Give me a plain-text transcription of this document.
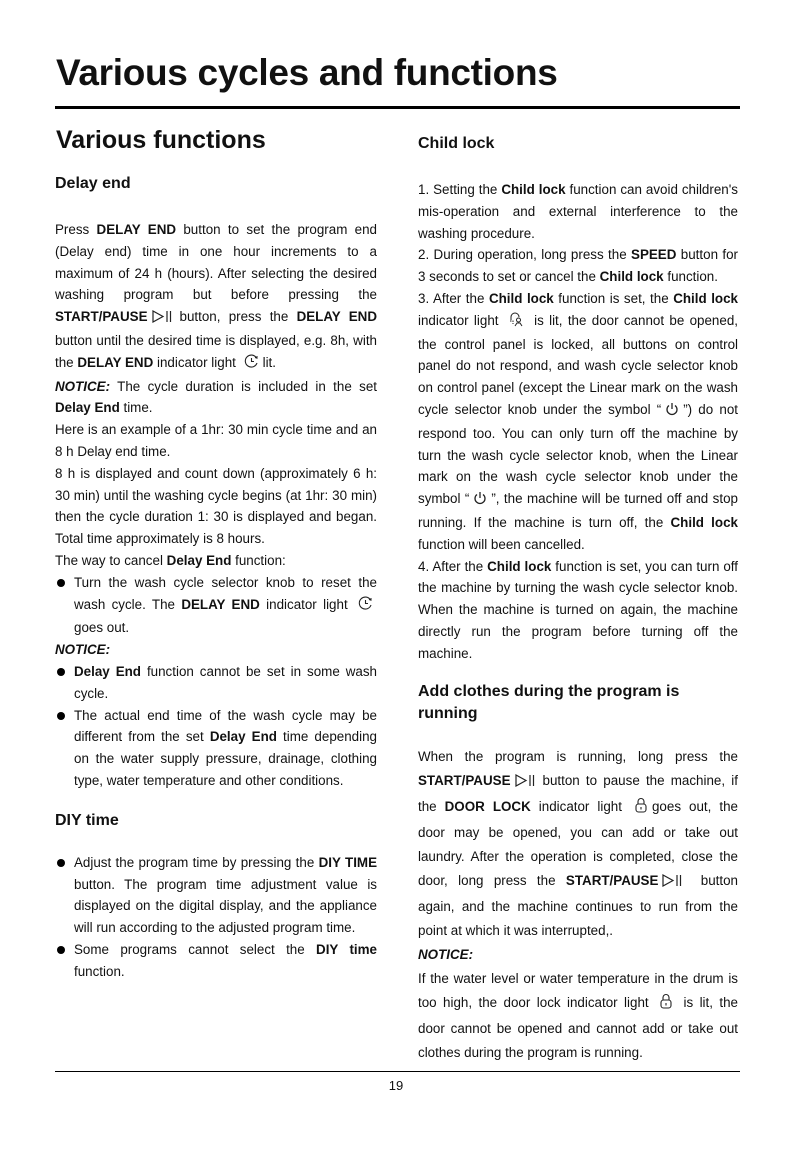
Various cycles and functions
Various functions
Delay end

Press DELAY END button to set the program end (Delay end) time in one hour increments to a maximum of 24 h (hours). After selecting the desired washing program but before pressing the START/PAUSE button, press the DELAY END button until the desired time is displayed, e.g. 8h, with the DELAY END indicator light lit.

NOTICE: The cycle duration is included in the set Delay End time.

Here is an example of a 1hr: 30 min cycle time and an 8 h Delay end time.

8 h is displayed and count down (approximately 6 h: 30 min) until the washing cycle begins (at 1hr: 30 min) then the cycle duration 1: 30 is displayed and began. Total time approximately is 8 hours.

The way to cancel Delay End function:

Turn the wash cycle selector knob to reset the wash cycle. The DELAY END indicator light  goes out.

NOTICE:

Delay End function cannot be set in some wash cycle.
The actual end time of the wash cycle may be different from the set Delay End time depending on the water supply pressure, drainage, clothing type, water temperature and other conditions.
DIY time
Adjust the program time by pressing the DIY TIME button. The program time adjustment value is displayed on the digital display, and the appliance will run according to the adjusted program time.
Some programs cannot select the DIY time function.
Child lock

1. Setting the Child lock function can avoid children's mis-operation and external interference to the washing procedure.

2. During operation, long press the SPEED button for 3 seconds to set or cancel the Child lock function.

3. After the Child lock function is set, the Child lock indicator light  is lit, the door cannot be opened, the control panel is locked, all buttons on control panel do not respond, and wash cycle selector knob on control panel (except the Linear mark on the wash cycle selector knob under the symbol “ ”) do not respond too. You can only turn off the machine by turn the wash cycle selector knob, when the Linear mark on the wash cycle selector knob under the symbol “ ”, the machine will be turned off and stop running. If the machine is turn off, the Child lock function will been cancelled.

4. After the Child lock function is set, you can turn off the machine by turning the wash cycle selector knob. When the machine is turned on again, the machine directly run the program before turning off the machine.

Add clothes during the program is running

When the program is running, long press the START/PAUSE button to pause the machine, if the DOOR LOCK indicator light goes out, the door may be opened, you can add or take out laundry. After the operation is completed, close the door, long press the START/PAUSE button again, and the machine continues to run from the point at which it was interrupted,.

NOTICE:

If the water level or water temperature in the drum is too high, the door lock indicator light  is lit, the door cannot be opened and cannot add or take out clothes during the program is running.

19
